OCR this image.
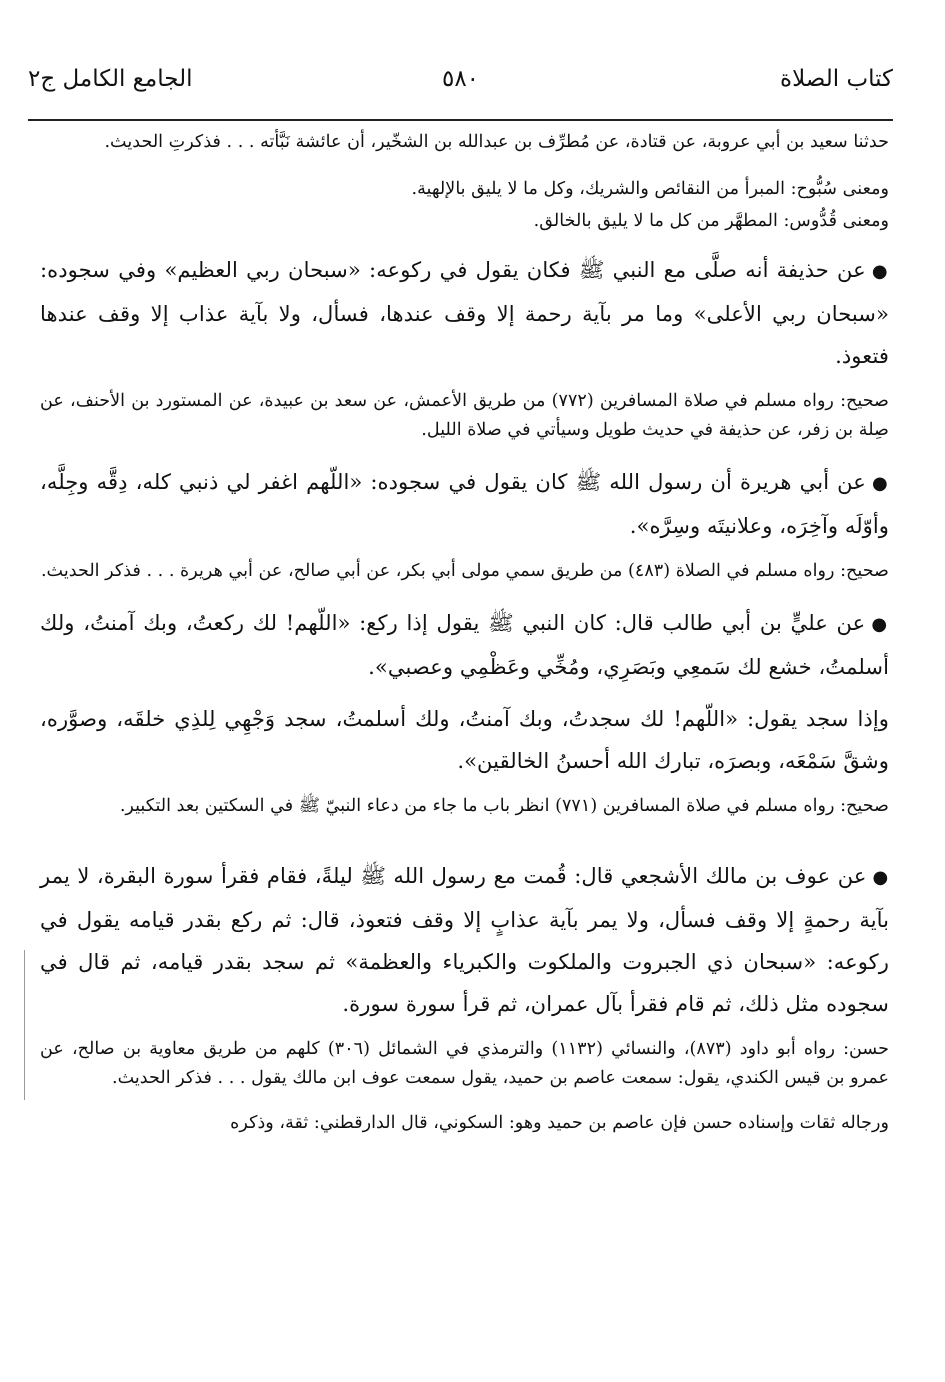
كتاب الصلاة
٥٨٠
الجامع الكامل ج٢

حدثنا سعيد بن أبي عروبة، عن قتادة، عن مُطرِّف بن عبدالله بن الشخّير، أن عائشة نَبَّأته . . . فذكرتِ الحديث.

ومعنى سُبُّوح: المبرأ من النقائص والشريك، وكل ما لا يليق بالإلهية.

ومعنى قُدُّوس: المطهَّر من كل ما لا يليق بالخالق.

●عن حذيفة أنه صلَّى مع النبي ﷺ فكان يقول في ركوعه: «سبحان ربي العظيم» وفي سجوده: «سبحان ربي الأعلى» وما مر بآية رحمة إلا وقف عندها، فسأل، ولا بآية عذاب إلا وقف عندها فتعوذ.

صحيح: رواه مسلم في صلاة المسافرين (٧٧٢) من طريق الأعمش، عن سعد بن عبيدة، عن المستورد بن الأحنف، عن صِلة بن زفر، عن حذيفة في حديث طويل وسيأتي في صلاة الليل.

●عن أبي هريرة أن رسول الله ﷺ كان يقول في سجوده: «اللّهم اغفر لي ذنبي كله، دِقَّه وجِلَّه، وأوّلَه وآخِرَه، وعلانيتَه وسِرَّه».

صحيح: رواه مسلم في الصلاة (٤٨٣) من طريق سمي مولى أبي بكر، عن أبي صالح، عن أبي هريرة . . . فذكر الحديث.

●عن عليٍّ بن أبي طالب قال: كان النبي ﷺ يقول إذا ركع: «اللّهم! لك ركعتُ، وبك آمنتُ، ولك أسلمتُ، خشع لك سَمعِي وبَصَرِي، ومُخِّي وعَظْمِي وعصبي».

وإذا سجد يقول: «اللّهم! لك سجدتُ، وبك آمنتُ، ولك أسلمتُ، سجد وَجْهِي لِلذِي خلقَه، وصوَّره، وشقَّ سَمْعَه، وبصرَه، تبارك الله أحسنُ الخالقين».

صحيح: رواه مسلم في صلاة المسافرين (٧٧١) انظر باب ما جاء من دعاء النبيّ ﷺ في السكتين بعد التكبير.

●عن عوف بن مالك الأشجعي قال: قُمت مع رسول الله ﷺ ليلةً، فقام فقرأ سورة البقرة، لا يمر بآية رحمةٍ إلا وقف فسأل، ولا يمر بآية عذابٍ إلا وقف فتعوذ، قال: ثم ركع بقدر قيامه يقول في ركوعه: «سبحان ذي الجبروت والملكوت والكبرياء والعظمة» ثم سجد بقدر قيامه، ثم قال في سجوده مثل ذلك، ثم قام فقرأ بآل عمران، ثم قرأ سورة سورة.

حسن: رواه أبو داود (٨٧٣)، والنسائي (١١٣٢) والترمذي في الشمائل (٣٠٦) كلهم من طريق معاوية بن صالح، عن عمرو بن قيس الكندي، يقول: سمعت عاصم بن حميد، يقول سمعت عوف ابن مالك يقول . . . فذكر الحديث.

ورجاله ثقات وإسناده حسن فإن عاصم بن حميد وهو: السكوني، قال الدارقطني: ثقة، وذكره
